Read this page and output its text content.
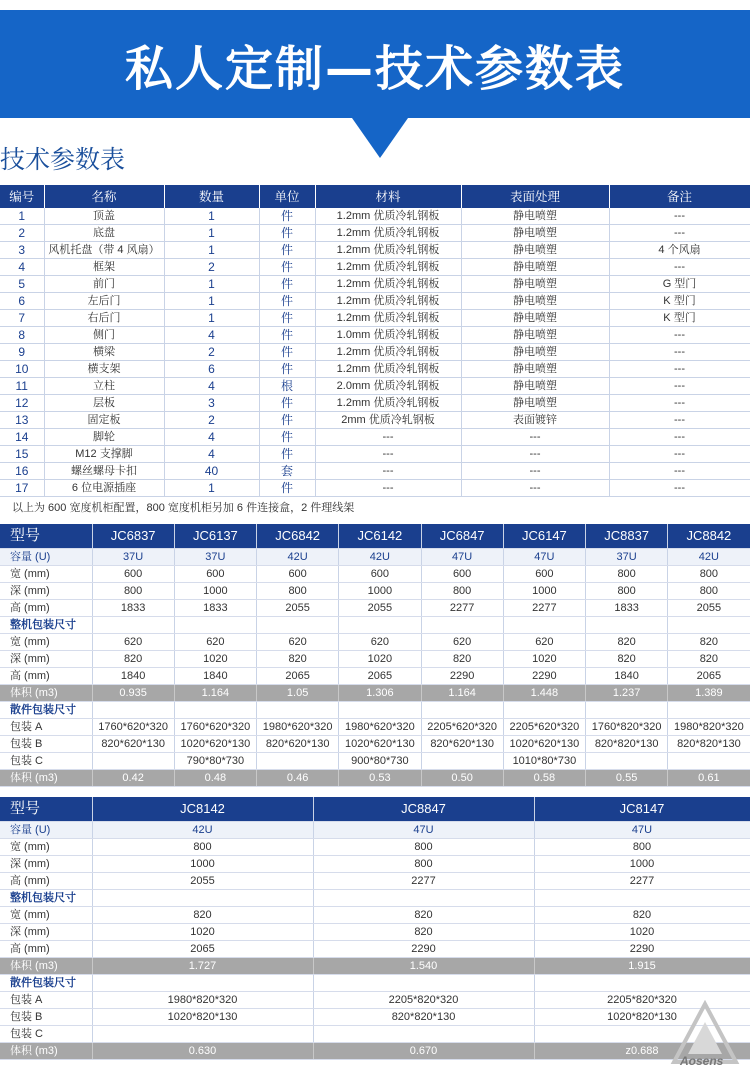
私人定制—技术参数表
技术参数表
编号	名称	数量	单位	材料	表面处理	备注
1	顶盖	1	件	1.2mm 优质冷轧钢板	静电喷塑	---
2	底盘	1	件	1.2mm 优质冷轧钢板	静电喷塑	---
3	风机托盘（带 4 风扇）	1	件	1.2mm 优质冷轧钢板	静电喷塑	4 个风扇
4	框架	2	件	1.2mm 优质冷轧钢板	静电喷塑	---
5	前门	1	件	1.2mm 优质冷轧钢板	静电喷塑	G 型门
6	左后门	1	件	1.2mm 优质冷轧钢板	静电喷塑	K 型门
7	右后门	1	件	1.2mm 优质冷轧钢板	静电喷塑	K 型门
8	侧门	4	件	1.0mm 优质冷轧钢板	静电喷塑	---
9	横梁	2	件	1.2mm 优质冷轧钢板	静电喷塑	---
10	横支架	6	件	1.2mm 优质冷轧钢板	静电喷塑	---
11	立柱	4	根	2.0mm 优质冷轧钢板	静电喷塑	---
12	层板	3	件	1.2mm 优质冷轧钢板	静电喷塑	---
13	固定板	2	件	2mm 优质冷轧钢板	表面镀锌	---
14	脚轮	4	件	---	---	---
15	M12 支撑脚	4	件	---	---	---
16	螺丝螺母卡扣	40	套	---	---	---
17	6 位电源插座	1	件	---	---	---
以上为 600 宽度机柜配置，800 宽度机柜另加 6 件连接盒，2 件理线架
型号	JC6837	JC6137	JC6842	JC6142	JC6847	JC6147	JC8837	JC8842
容量 (U)	37U	37U	42U	42U	47U	47U	37U	42U
宽 (mm)	600	600	600	600	600	600	800	800
深 (mm)	800	1000	800	1000	800	1000	800	800
高 (mm)	1833	1833	2055	2055	2277	2277	1833	2055
整机包装尺寸								
宽 (mm)	620	620	620	620	620	620	820	820
深 (mm)	820	1020	820	1020	820	1020	820	820
高 (mm)	1840	1840	2065	2065	2290	2290	1840	2065
体积 (m3)	0.935	1.164	1.05	1.306	1.164	1.448	1.237	1.389
散件包装尺寸								
包装 A	1760*620*320	1760*620*320	1980*620*320	1980*620*320	2205*620*320	2205*620*320	1760*820*320	1980*820*320
包装 B	820*620*130	1020*620*130	820*620*130	1020*620*130	820*620*130	1020*620*130	820*820*130	820*820*130
包装 C		790*80*730		900*80*730		1010*80*730		
体积 (m3)	0.42	0.48	0.46	0.53	0.50	0.58	0.55	0.61
型号	JC8142	JC8847	JC8147
容量 (U)	42U	47U	47U
宽 (mm)	800	800	800
深 (mm)	1000	800	1000
高 (mm)	2055	2277	2277
整机包装尺寸			
宽 (mm)	820	820	820
深 (mm)	1020	820	1020
高 (mm)	2065	2290	2290
体积 (m3)	1.727	1.540	1.915
散件包装尺寸			
包装 A	1980*820*320	2205*820*320	2205*820*320
包装 B	1020*820*130	820*820*130	1020*820*130
包装 C			
体积 (m3)	0.630	0.670	z0.688
Aosens
